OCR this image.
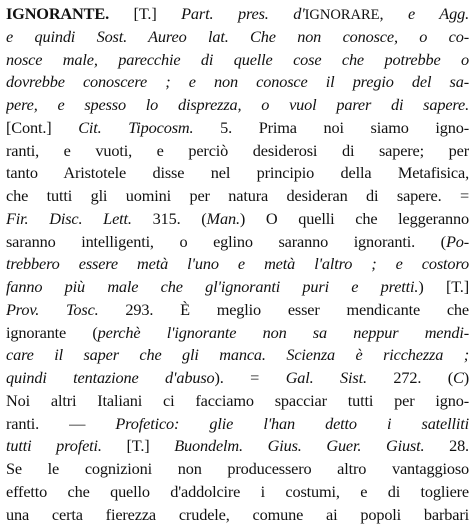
IGNORANTE. [T.] Part. pres. d'IGNORARE, e Agg.
e quindi Sost. Aureo lat. Che non conosce, o co-
nosce male, parecchie di quelle cose che potrebbe o
dovrebbe conoscere ; e non conosce il pregio del sa-
pere, e spesso lo disprezza, o vuol parer di sapere.
[Cont.] Cit. Tipocosm. 5. Prima noi siamo igno-
ranti, e vuoti, e perciò desiderosi di sapere; per
tanto Aristotele disse nel principio della Metafisica,
che tutti gli uomini per natura desideran di sapere. =
Fir. Disc. Lett. 315. (Man.) O quelli che leggeranno
saranno intelligenti, o eglino saranno ignoranti. (Po-
trebbero essere metà l'uno e metà l'altro ; e costoro
fanno più male che gl'ignoranti puri e pretti.) [T.]
Prov. Tosc. 293. È meglio esser mendicante che
ignorante (perchè l'ignorante non sa neppur mendi-
care il saper che gli manca. Scienza è ricchezza ;
quindi tentazione d'abuso). = Gal. Sist. 272. (C)
Noi altri Italiani ci facciamo spacciar tutti per igno-
ranti. — Profetico: glie l'han detto i satelliti
tutti profeti. [T.] Buondelm. Gius. Guer. Giust. 28.
Se le cognizioni non producessero altro vantaggioso
effetto che quello d'addolcire i costumi, e di togliere
una certa fierezza crudele, comune ai popoli barbari
